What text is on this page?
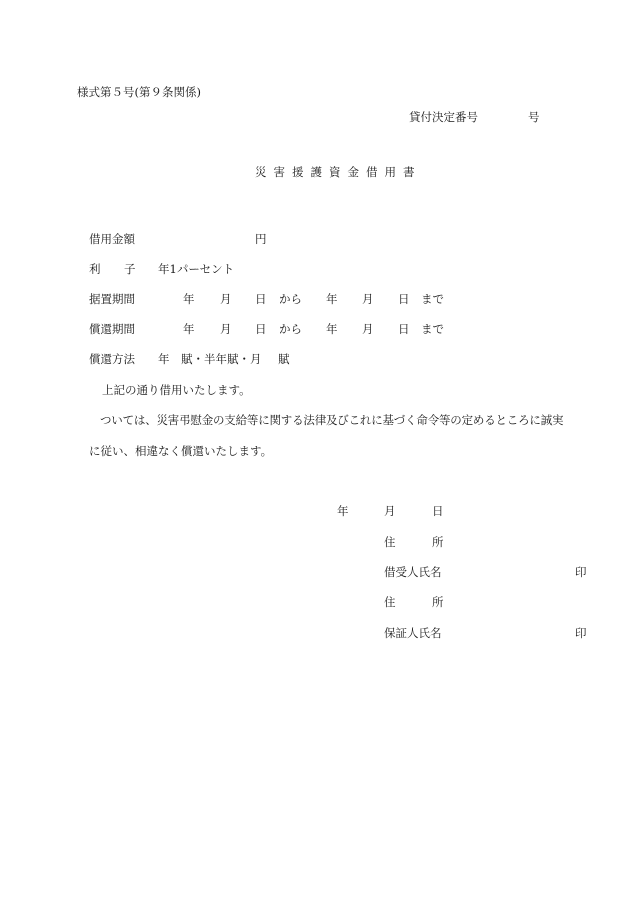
様式第５号(第９条関係)
貸付決定番号	号
災 害 援 護 資 金 借 用 書
借用金額	円
利 子 年1パーセント
据置期間	年 月 日 から 年 月 日 まで
償還期間	年 月 日 から 年 月 日 まで
償還方法 年　賦・半年賦・月 賦
上記の通り借用いたします。
ついては、災害弔慰金の支給等に関する法律及びこれに基づく命令等の定めるところに誠実
に従い、相違なく償還いたします。
年	月	日
住	所
借受人氏名	印
住	所
保証人氏名	印
